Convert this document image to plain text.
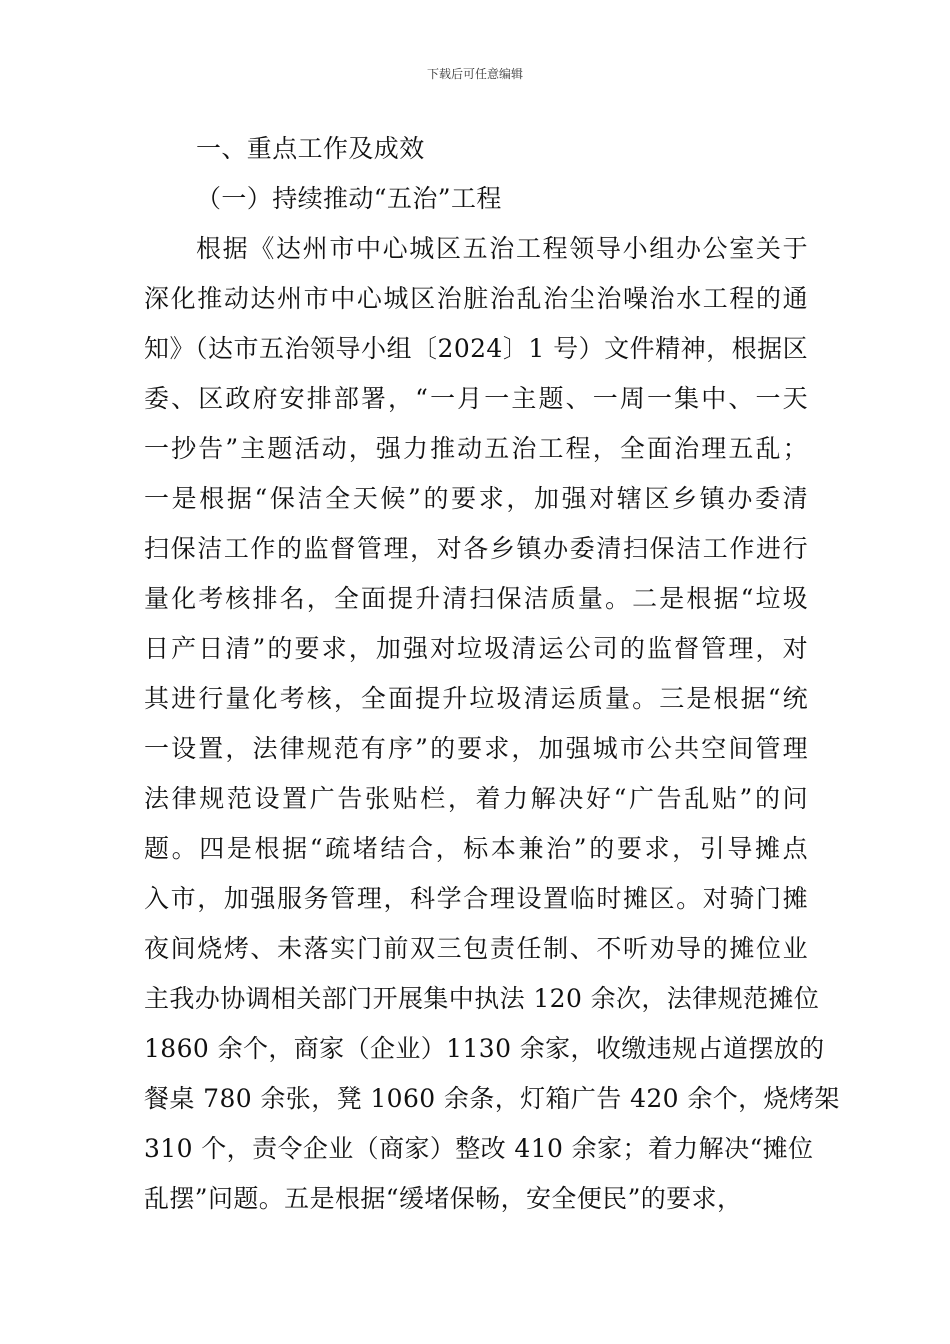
下载后可任意编辑
一、重点工作及成效
（一）持续推动“五治”工程
根据《达州市中心城区五治工程领导小组办公室关于
深化推动达州市中心城区治脏治乱治尘治噪治水工程的通
知》（达市五治领导小组〔2024〕1 号）文件精神，根据区
委、区政府安排部署，“一月一主题、一周一集中、一天
一抄告”主题活动，强力推动五治工程，全面治理五乱；
一是根据“保洁全天候”的要求，加强对辖区乡镇办委清
扫保洁工作的监督管理，对各乡镇办委清扫保洁工作进行
量化考核排名，全面提升清扫保洁质量。二是根据“垃圾
日产日清”的要求，加强对垃圾清运公司的监督管理，对
其进行量化考核，全面提升垃圾清运质量。三是根据“统
一设置，法律规范有序”的要求，加强城市公共空间管理
法律规范设置广告张贴栏，着力解决好“广告乱贴”的问
题。四是根据“疏堵结合，标本兼治”的要求，引导摊点
入市，加强服务管理，科学合理设置临时摊区。对骑门摊
夜间烧烤、未落实门前双三包责任制、不听劝导的摊位业
主我办协调相关部门开展集中执法 120 余次，法律规范摊位
1860 余个，商家（企业）1130 余家，收缴违规占道摆放的
餐桌 780 余张，凳 1060 余条，灯箱广告 420 余个，烧烤架
310 个，责令企业（商家）整改 410 余家；着力解决“摊位
乱摆”问题。五是根据“缓堵保畅，安全便民”的要求，
